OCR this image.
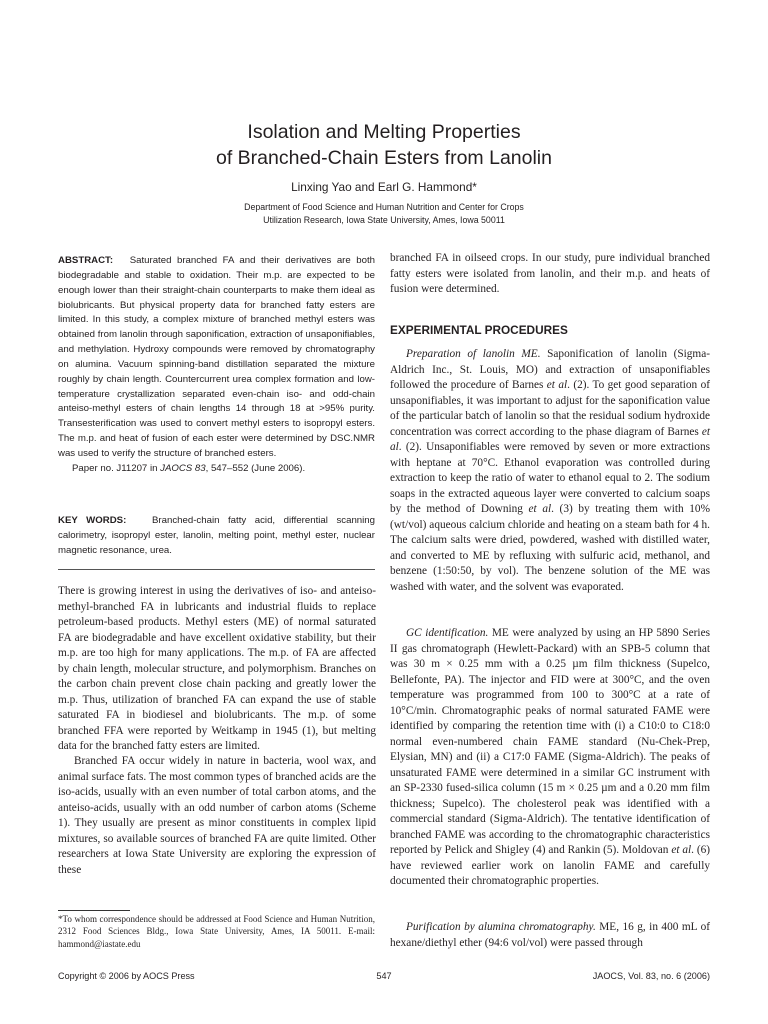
Isolation and Melting Properties
of Branched-Chain Esters from Lanolin
Linxing Yao and Earl G. Hammond*
Department of Food Science and Human Nutrition and Center for Crops
Utilization Research, Iowa State University, Ames, Iowa 50011

ABSTRACT: Saturated branched FA and their derivatives are both biodegradable and stable to oxidation. Their m.p. are expected to be enough lower than their straight-chain counterparts to make them ideal as biolubricants. But physical property data for branched fatty esters are limited. In this study, a complex mixture of branched methyl esters was obtained from lanolin through saponification, extraction of unsaponifiables, and methylation. Hydroxy compounds were removed by chromatography on alumina. Vacuum spinning-band distillation separated the mixture roughly by chain length. Countercurrent urea complex formation and low-temperature crystallization separated even-chain iso- and odd-chain anteiso-methyl esters of chain lengths 14 through 18 at >95% purity. Transesterification was used to convert methyl esters to isopropyl esters. The m.p. and heat of fusion of each ester were determined by DSC.NMR was used to verify the structure of branched esters.
Paper no. J11207 in JAOCS 83, 547–552 (June 2006).

KEY WORDS:	Branched-chain fatty acid, differential scanning calorimetry, isopropyl ester, lanolin, melting point, methyl ester, nuclear magnetic resonance, urea.

There is growing interest in using the derivatives of iso- and anteiso-methyl-branched FA in lubricants and industrial fluids to replace petroleum-based products. Methyl esters (ME) of normal saturated FA are biodegradable and have excellent oxidative stability, but their m.p. are too high for many applications. The m.p. of FA are affected by chain length, molecular structure, and polymorphism. Branches on the carbon chain prevent close chain packing and greatly lower the m.p. Thus, utilization of branched FA can expand the use of stable saturated FA in biodiesel and biolubricants. The m.p. of some branched FFA were reported by Weitkamp in 1945 (1), but melting data for the branched fatty esters are limited.

Branched FA occur widely in nature in bacteria, wool wax, and animal surface fats. The most common types of branched acids are the iso-acids, usually with an even number of total carbon atoms, and the anteiso-acids, usually with an odd number of carbon atoms (Scheme 1). They usually are present as minor constituents in complex lipid mixtures, so available sources of branched FA are quite limited. Other researchers at Iowa State University are exploring the expression of these

*To whom correspondence should be addressed at Food Science and Human Nutrition, 2312 Food Sciences Bldg., Iowa State University, Ames, IA 50011. E-mail: hammond@iastate.edu

branched FA in oilseed crops. In our study, pure individual branched fatty esters were isolated from lanolin, and their m.p. and heats of fusion were determined.

EXPERIMENTAL PROCEDURES

Preparation of lanolin ME. Saponification of lanolin (Sigma-Aldrich Inc., St. Louis, MO) and extraction of unsaponifiables followed the procedure of Barnes et al. (2). To get good separation of unsaponifiables, it was important to adjust for the saponification value of the particular batch of lanolin so that the residual sodium hydroxide concentration was correct according to the phase diagram of Barnes et al. (2). Unsaponifiables were removed by seven or more extractions with heptane at 70°C. Ethanol evaporation was controlled during extraction to keep the ratio of water to ethanol equal to 2. The sodium soaps in the extracted aqueous layer were converted to calcium soaps by the method of Downing et al. (3) by treating them with 10% (wt/vol) aqueous calcium chloride and heating on a steam bath for 4 h. The calcium salts were dried, powdered, washed with distilled water, and converted to ME by refluxing with sulfuric acid, methanol, and benzene (1:50:50, by vol). The benzene solution of the ME was washed with water, and the solvent was evaporated.

GC identification. ME were analyzed by using an HP 5890 Series II gas chromatograph (Hewlett-Packard) with an SPB-5 column that was 30 m × 0.25 mm with a 0.25 µm film thickness (Supelco, Bellefonte, PA). The injector and FID were at 300°C, and the oven temperature was programmed from 100 to 300°C at a rate of 10°C/min. Chromatographic peaks of normal saturated FAME were identified by comparing the retention time with (i) a C10:0 to C18:0 normal even-numbered chain FAME standard (Nu-Chek-Prep, Elysian, MN) and (ii) a C17:0 FAME (Sigma-Aldrich). The peaks of unsaturated FAME were determined in a similar GC instrument with an SP-2330 fused-silica column (15 m × 0.25 µm and a 0.20 mm film thickness; Supelco). The cholesterol peak was identified with a commercial standard (Sigma-Aldrich). The tentative identification of branched FAME was according to the chromatographic characteristics reported by Pelick and Shigley (4) and Rankin (5). Moldovan et al. (6) have reviewed earlier work on lanolin FAME and carefully documented their chromatographic properties.

Purification by alumina chromatography. ME, 16 g, in 400 mL of hexane/diethyl ether (94:6 vol/vol) were passed through

Copyright © 2006 by AOCS Press	547	JAOCS, Vol. 83, no. 6 (2006)
